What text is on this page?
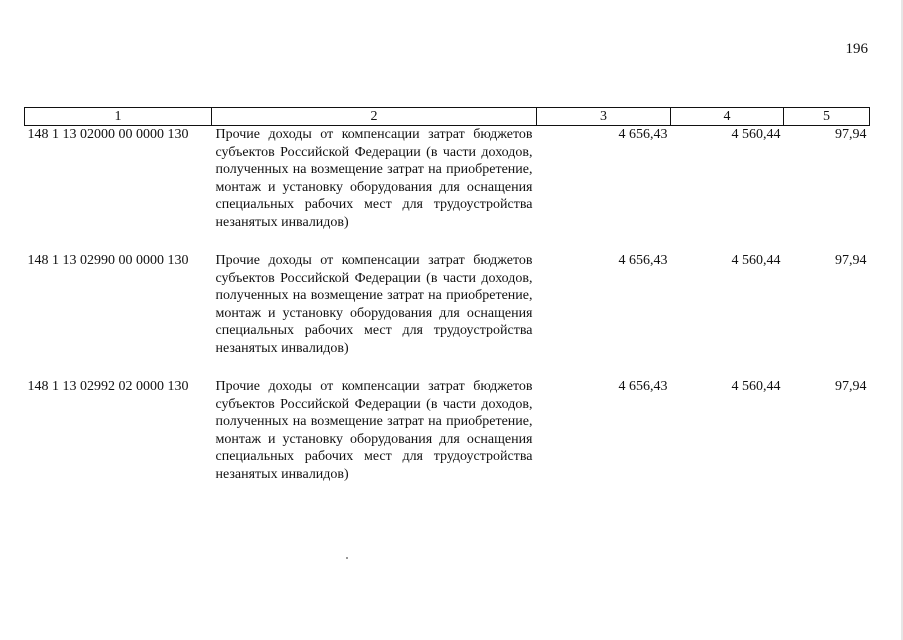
196
1	2	3	4	5
148 1 13 02000 00 0000 130	Прочие доходы от компенсации затрат бюджетов субъектов Российской Федерации (в части доходов, полученных на возмещение затрат на приобретение, монтаж и установку оборудования для оснащения специальных рабочих мест для трудоустройства незанятых инвалидов)	4 656,43	4 560,44	97,94
148 1 13 02990 00 0000 130	Прочие доходы от компенсации затрат бюджетов субъектов Российской Федерации (в части доходов, полученных на возмещение затрат на приобретение, монтаж и установку оборудования для оснащения специальных рабочих мест для трудоустройства незанятых инвалидов)	4 656,43	4 560,44	97,94
148 1 13 02992 02 0000 130	Прочие доходы от компенсации затрат бюджетов субъектов Российской Федерации (в части доходов, полученных на возмещение затрат на приобретение, монтаж и установку оборудования для оснащения специальных рабочих мест для трудоустройства незанятых инвалидов)	4 656,43	4 560,44	97,94
